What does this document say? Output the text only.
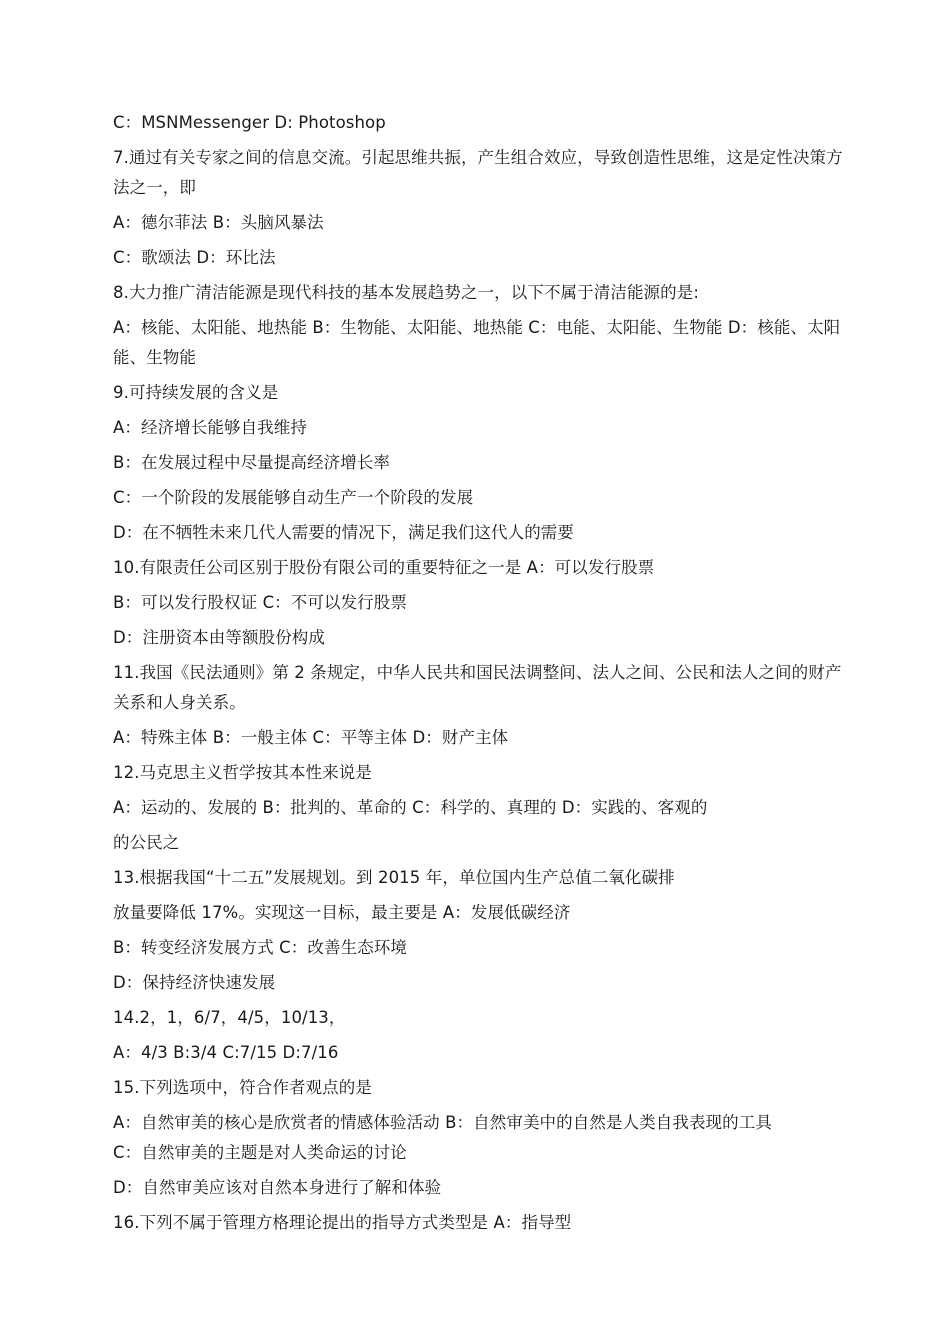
C：MSNMessenger D: Photoshop

7.通过有关专家之间的信息交流。引起思维共振，产生组合效应，导致创造性思维，这是定性决策方法之一，即

A：德尔菲法 B：头脑风暴法

C：歌颂法 D：环比法

8.大力推广清洁能源是现代科技的基本发展趋势之一，以下不属于清洁能源的是:

A：核能、太阳能、地热能 B：生物能、太阳能、地热能 C：电能、太阳能、生物能 D：核能、太阳能、生物能

9.可持续发展的含义是

A：经济增长能够自我维持

B：在发展过程中尽量提高经济增长率

C：一个阶段的发展能够自动生产一个阶段的发展

D：在不牺牲未来几代人需要的情况下，满足我们这代人的需要

10.有限责任公司区别于股份有限公司的重要特征之一是 A：可以发行股票

B：可以发行股权证 C：不可以发行股票

D：注册资本由等额股份构成

11.我国《民法通则》第 2 条规定，中华人民共和国民法调整间、法人之间、公民和法人之间的财产关系和人身关系。

A：特殊主体 B：一般主体 C：平等主体 D：财产主体

12.马克思主义哲学按其本性来说是

A：运动的、发展的 B：批判的、革命的 C：科学的、真理的 D：实践的、客观的

的公民之

13.根据我国“十二五”发展规划。到 2015 年，单位国内生产总值二氧化碳排

放量要降低 17%。实现这一目标，最主要是 A：发展低碳经济

B：转变经济发展方式 C：改善生态环境

D：保持经济快速发展

14.2，1，6/7，4/5，10/13，

A：4/3 B:3/4 C:7/15 D:7/16

15.下列选项中，符合作者观点的是

A：自然审美的核心是欣赏者的情感体验活动 B：自然审美中的自然是人类自我表现的工具

C：自然审美的主题是对人类命运的讨论

D：自然审美应该对自然本身进行了解和体验

16.下列不属于管理方格理论提出的指导方式类型是 A：指导型
